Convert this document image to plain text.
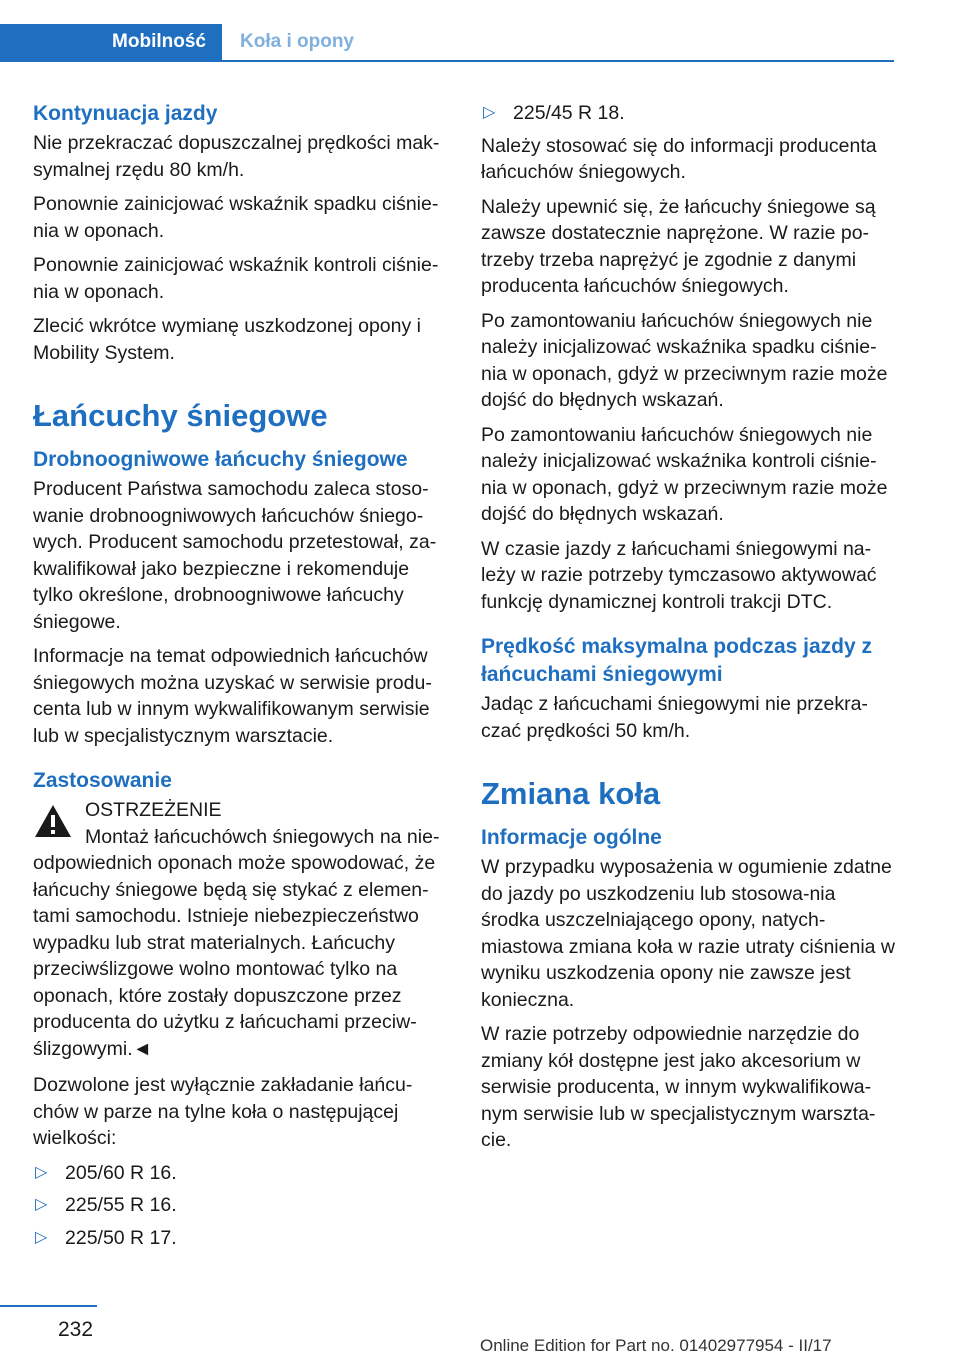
Mobilność Koła i opony
Kontynuacja jazdy

Nie przekraczać dopuszczalnej prędkości mak-symalnej rzędu 80 km/h.

Ponownie zainicjować wskaźnik spadku ciśnie-nia w oponach.

Ponownie zainicjować wskaźnik kontroli ciśnie-nia w oponach.

Zlecić wkrótce wymianę uszkodzonej opony i Mobility System.

Łańcuchy śniegowe
Drobnoogniwowe łańcuchy śniegowe

Producent Państwa samochodu zaleca stoso-wanie drobnoogniwowych łańcuchów śniego-wych. Producent samochodu przetestował, za-kwalifikował jako bezpieczne i rekomenduje tylko określone, drobnoogniwowe łańcuchy śniegowe.

Informacje na temat odpowiednich łańcuchów śniegowych można uzyskać w serwisie produ-centa lub w innym wykwalifikowanym serwisie lub w specjalistycznym warsztacie.

Zastosowanie
OSTRZEŻENIE
Montaż łańcuchówch śniegowych na nie-
odpowiednich oponach może spowodować, że łańcuchy śniegowe będą się stykać z elemen-tami samochodu. Istnieje niebezpieczeństwo wypadku lub strat materialnych. Łańcuchy przeciwślizgowe wolno montować tylko na oponach, które zostały dopuszczone przez producenta do użytku z łańcuchami przeciw-ślizgowymi.◄

Dozwolone jest wyłącznie zakładanie łańcu-chów w parze na tylne koła o następującej wielkości:

▷ 205/60 R 16.
▷ 225/55 R 16.
▷ 225/50 R 17.
▷ 225/45 R 18.

Należy stosować się do informacji producenta łańcuchów śniegowych.

Należy upewnić się, że łańcuchy śniegowe są zawsze dostatecznie naprężone. W razie po-trzeby trzeba naprężyć je zgodnie z danymi producenta łańcuchów śniegowych.

Po zamontowaniu łańcuchów śniegowych nie należy inicjalizować wskaźnika spadku ciśnie-nia w oponach, gdyż w przeciwnym razie może dojść do błędnych wskazań.

Po zamontowaniu łańcuchów śniegowych nie należy inicjalizować wskaźnika kontroli ciśnie-nia w oponach, gdyż w przeciwnym razie może dojść do błędnych wskazań.

W czasie jazdy z łańcuchami śniegowymi na-leży w razie potrzeby tymczasowo aktywować funkcję dynamicznej kontroli trakcji DTC.

Prędkość maksymalna podczas jazdy z łańcuchami śniegowymi

Jadąc z łańcuchami śniegowymi nie przekra-czać prędkości 50 km/h.

Zmiana koła
Informacje ogólne

W przypadku wyposażenia w ogumienie zdatne do jazdy po uszkodzeniu lub stosowa-nia środka uszczelniającego opony, natych-miastowa zmiana koła w razie utraty ciśnienia w wyniku uszkodzenia opony nie zawsze jest konieczna.

W razie potrzeby odpowiednie narzędzie do zmiany kół dostępne jest jako akcesorium w serwisie producenta, w innym wykwalifikowa-nym serwisie lub w specjalistycznym warszta-cie.

232
Online Edition for Part no. 01402977954 - II/17
